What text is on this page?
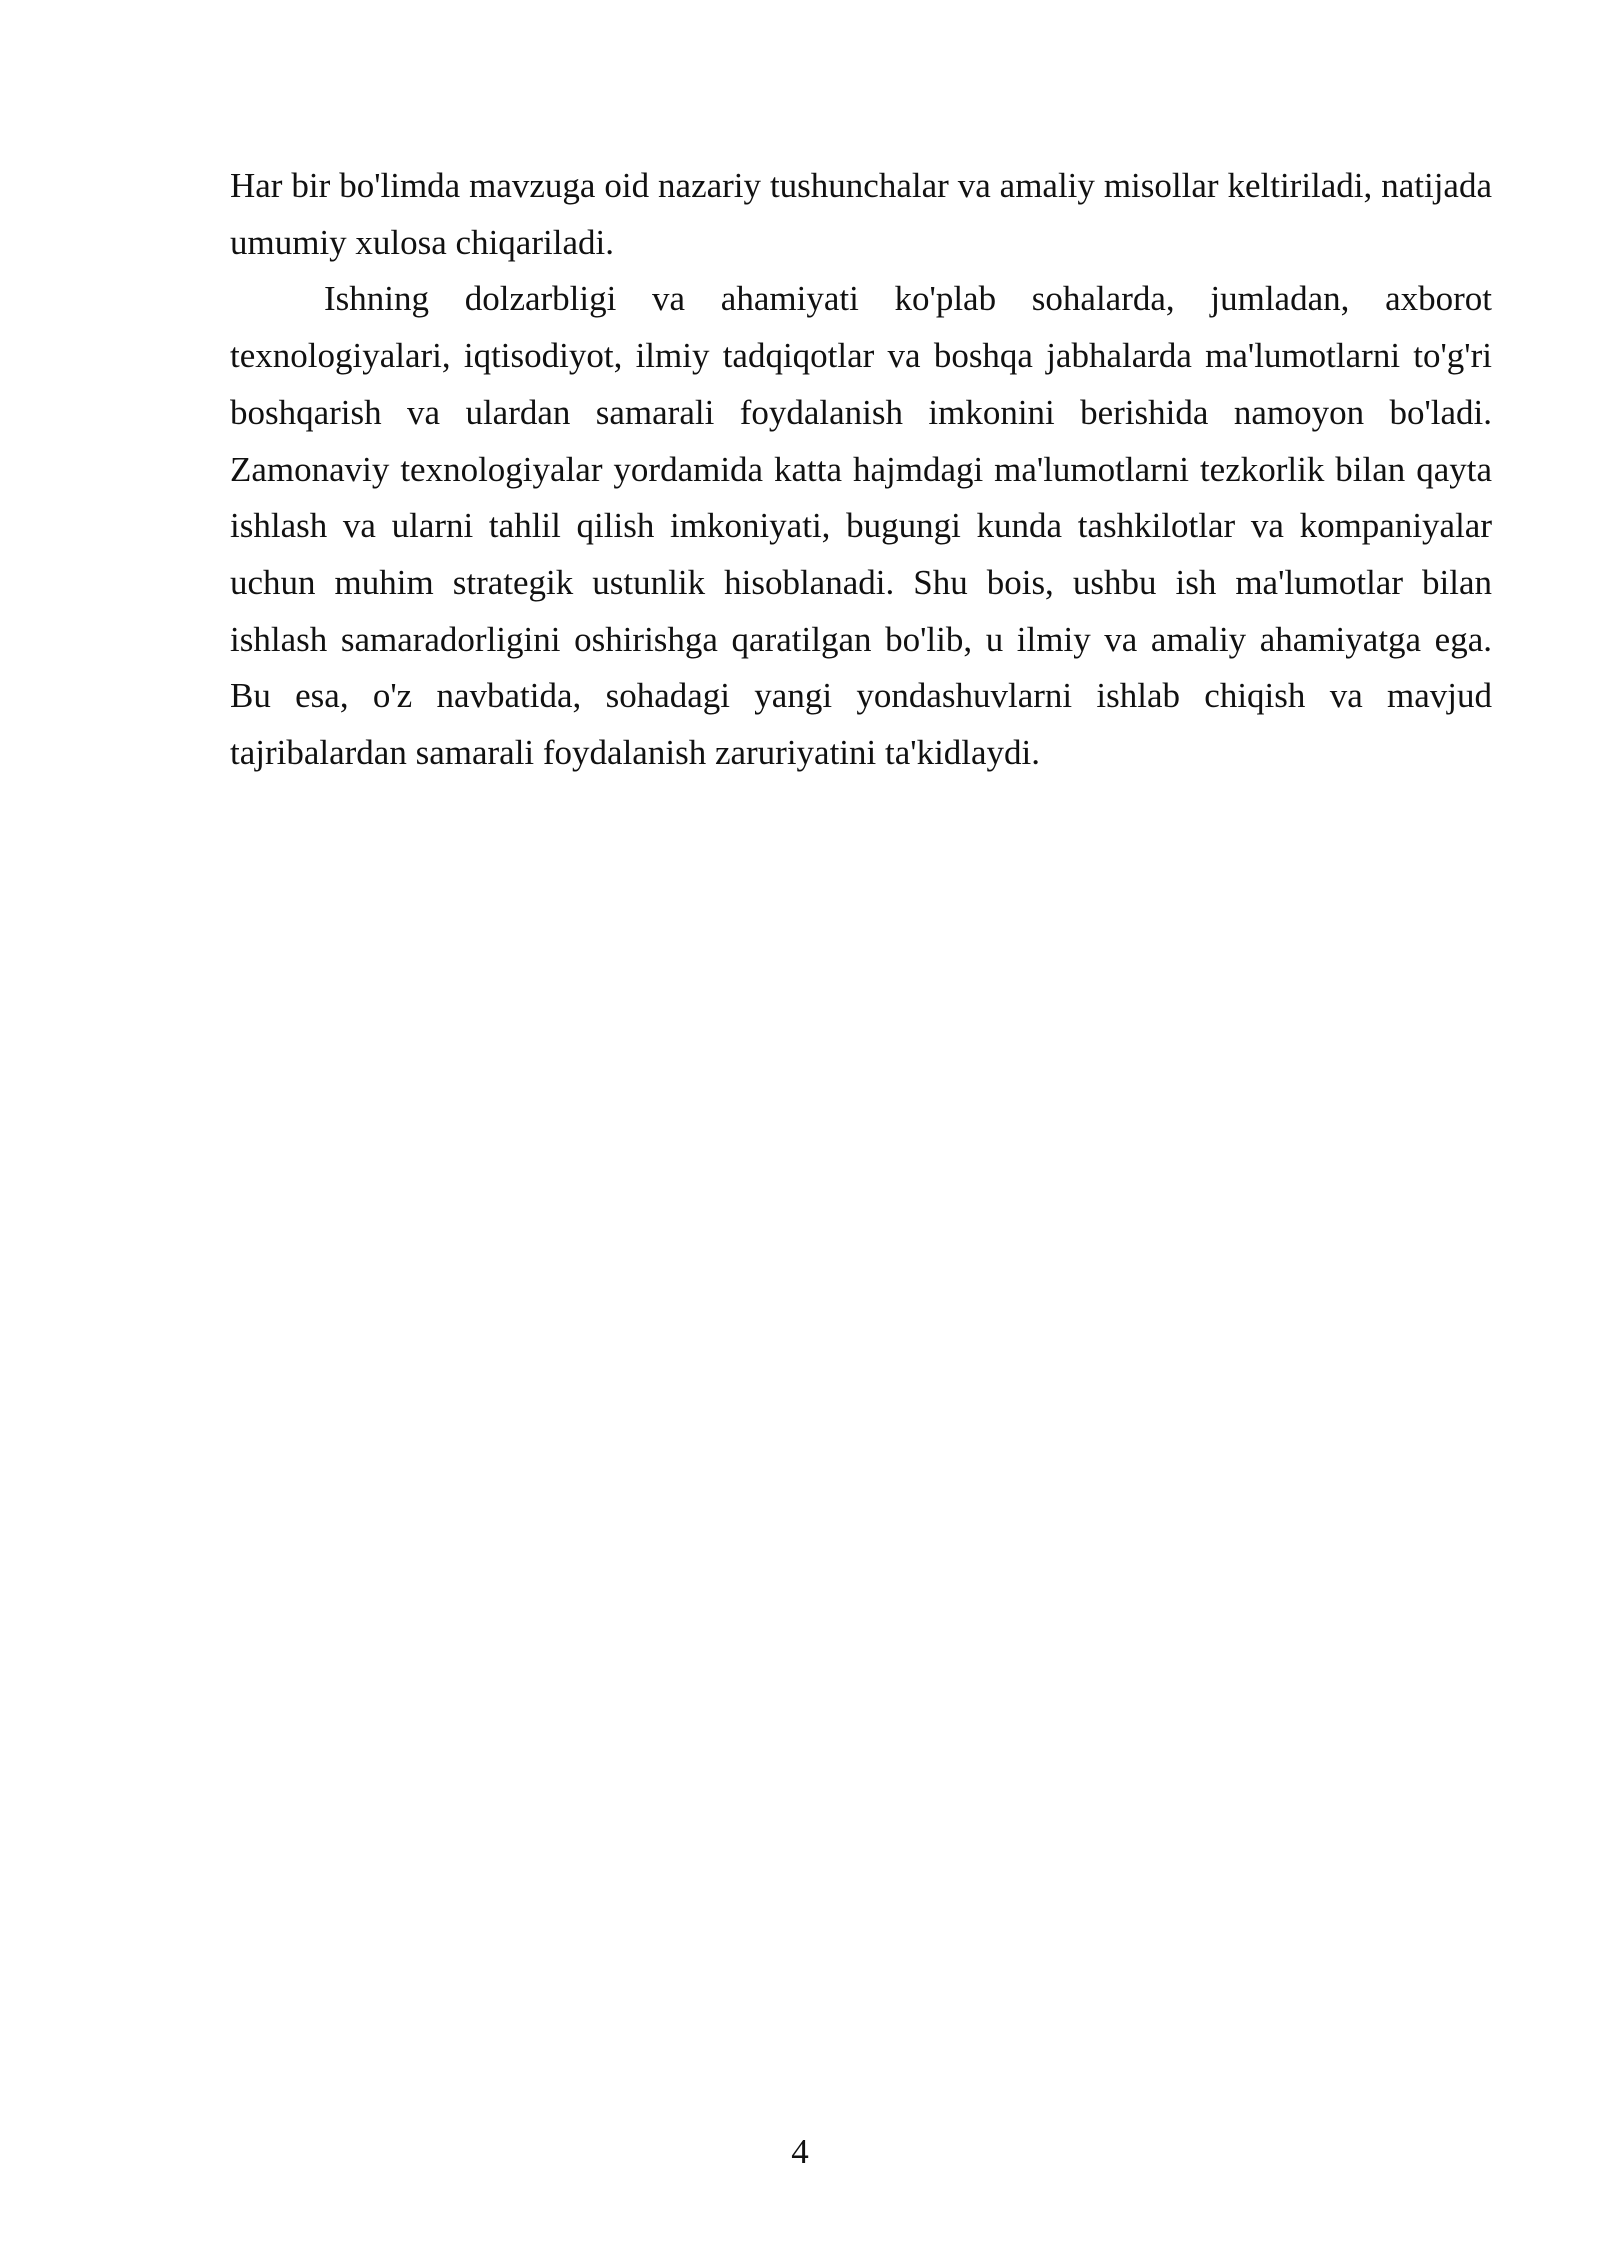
Har bir bo'limda mavzuga oid nazariy tushunchalar va amaliy misollar keltiriladi, natijada umumiy xulosa chiqariladi.

Ishning dolzarbligi va ahamiyati ko'plab sohalarda, jumladan, axborot texnologiyalari, iqtisodiyot, ilmiy tadqiqotlar va boshqa jabhalarda ma'lumotlarni to'g'ri boshqarish va ulardan samarali foydalanish imkonini berishida namoyon bo'ladi. Zamonaviy texnologiyalar yordamida katta hajmdagi ma'lumotlarni tezkorlik bilan qayta ishlash va ularni tahlil qilish imkoniyati, bugungi kunda tashkilotlar va kompaniyalar uchun muhim strategik ustunlik hisoblanadi. Shu bois, ushbu ish ma'lumotlar bilan ishlash samaradorligini oshirishga qaratilgan bo'lib, u ilmiy va amaliy ahamiyatga ega. Bu esa, o'z navbatida, sohadagi yangi yondashuvlarni ishlab chiqish va mavjud tajribalardan samarali foydalanish zaruriyatini ta'kidlaydi.

4
